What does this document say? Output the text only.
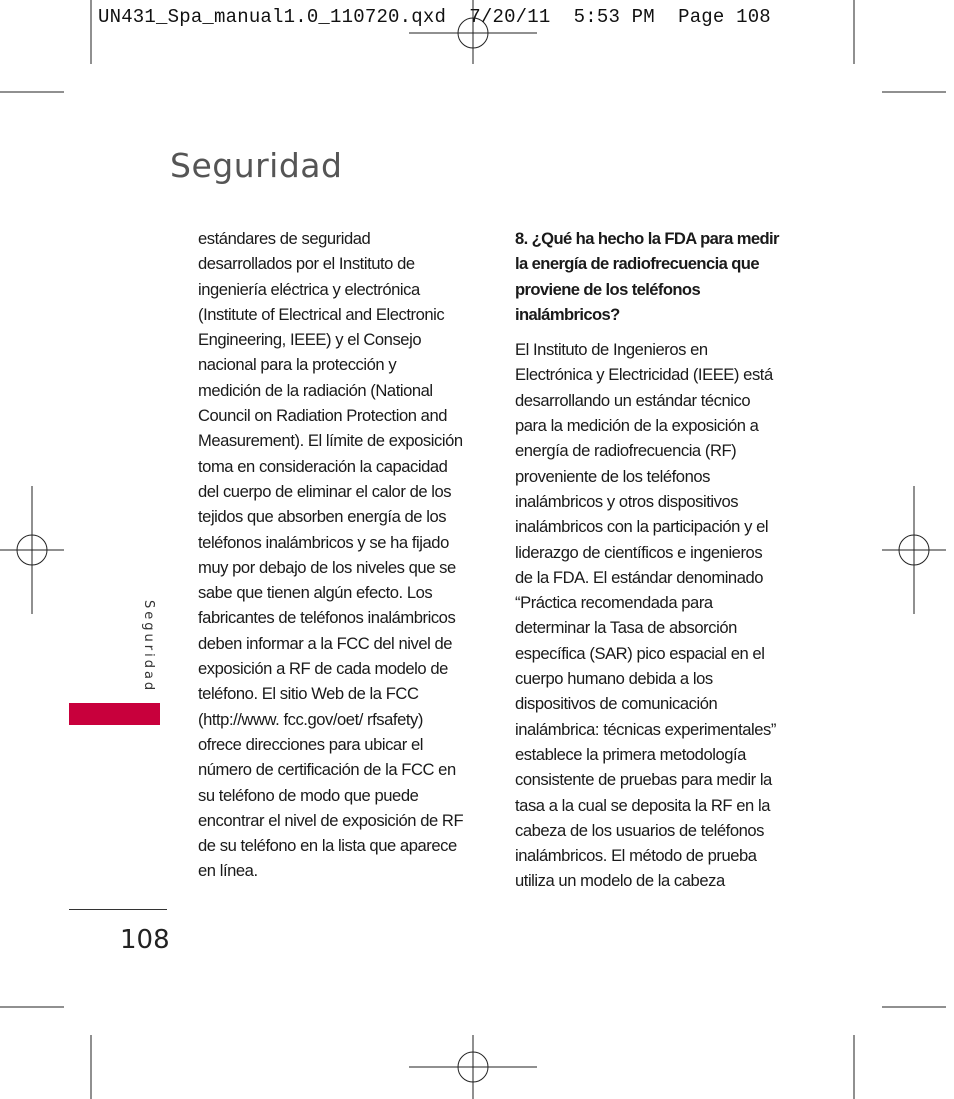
UN431_Spa_manual1.0_110720.qxd  7/20/11  5:53 PM  Page 108
Seguridad
estándares de seguridad
desarrollados por el Instituto de
ingeniería eléctrica y electrónica
(Institute of Electrical and Electronic
Engineering, IEEE) y el Consejo
nacional para la protección y
medición de la radiación (National
Council on Radiation Protection and
Measurement). El límite de exposición
toma en consideración la capacidad
del cuerpo de eliminar el calor de los
tejidos que absorben energía de los
teléfonos inalámbricos y se ha fijado
muy por debajo de los niveles que se
sabe que tienen algún efecto. Los
fabricantes de teléfonos inalámbricos
deben informar a la FCC del nivel de
exposición a RF de cada modelo de
teléfono. El sitio Web de la FCC
(http://www. fcc.gov/oet/ rfsafety)
ofrece direcciones para ubicar el
número de certificación de la FCC en
su teléfono de modo que puede
encontrar el nivel de exposición de RF
de su teléfono en la lista que aparece
en línea.
8. ¿Qué ha hecho la FDA para medir
la energía de radiofrecuencia que
proviene de los teléfonos
inalámbricos?
El Instituto de Ingenieros en
Electrónica y Electricidad (IEEE) está
desarrollando un estándar técnico
para la medición de la exposición a
energía de radiofrecuencia (RF)
proveniente de los teléfonos
inalámbricos y otros dispositivos
inalámbricos con la participación y el
liderazgo de científicos e ingenieros
de la FDA. El estándar denominado
“Práctica recomendada para
determinar la Tasa de absorción
específica (SAR) pico espacial en el
cuerpo humano debida a los
dispositivos de comunicación
inalámbrica: técnicas experimentales”
establece la primera metodología
consistente de pruebas para medir la
tasa a la cual se deposita la RF en la
cabeza de los usuarios de teléfonos
inalámbricos. El método de prueba
utiliza un modelo de la cabeza
Seguridad
108
